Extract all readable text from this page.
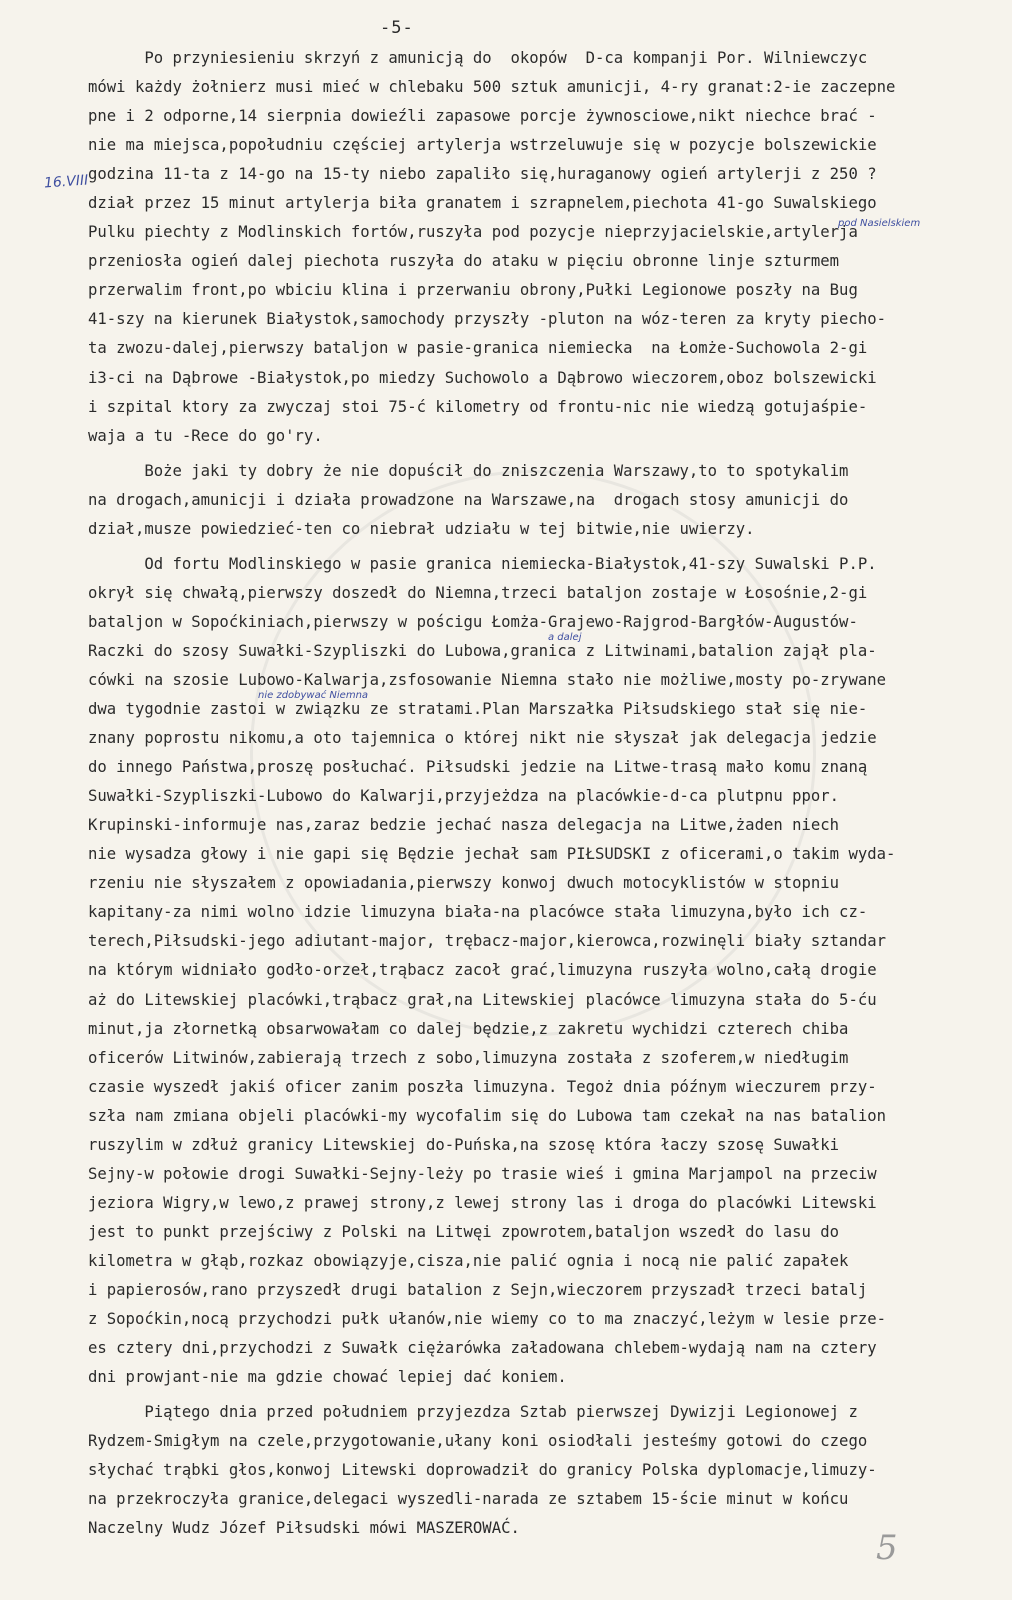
-5-
16.VIII
pod Nasielskiem
a dalej
nie zdobywać Niemna
Po przyniesieniu skrzyń z amunicją do  okopów  D-ca kompanji Por. Wilniewczyc
mówi każdy żołnierz musi mieć w chlebaku 500 sztuk amunicji, 4-ry granat:2-ie zaczepne
pne i 2 odporne,14 sierpnia dowieźli zapasowe porcje żywnosciowe,nikt niechce brać -
nie ma miejsca,popołudniu częściej artylerja wstrzeluwuje się w pozycje bolszewickie
godzina 11-ta z 14-go na 15-ty niebo zapaliło się,huraganowy ogień artylerji z 250 ?
dział przez 15 minut artylerja biła granatem i szrapnelem,piechota 41-go Suwalskiego
Pulku piechty z Modlinskich fortów,ruszyła pod pozycje nieprzyjacielskie,artylerja
przeniosła ogień dalej piechota ruszyła do ataku w pięciu obronne linje szturmem
przerwalim front,po wbiciu klina i przerwaniu obrony,Pułki Legionowe poszły na Bug
41-szy na kierunek Białystok,samochody przyszły -pluton na wóz-teren za kryty piecho-
ta zwozu-dalej,pierwszy bataljon w pasie-granica niemiecka  na Łomże-Suchowola 2-gi
i3-ci na Dąbrowe -Białystok,po miedzy Suchowolo a Dąbrowo wieczorem,oboz bolszewicki
i szpital ktory za zwyczaj stoi 75-ć kilometry od frontu-nic nie wiedzą gotujaśpie-
waja a tu -Rece do go'ry.
Boże jaki ty dobry że nie dopuścił do zniszczenia Warszawy,to to spotykalim
na drogach,amunicji i działa prowadzone na Warszawe,na  drogach stosy amunicji do
dział,musze powiedzieć-ten co niebrał udziału w tej bitwie,nie uwierzy.
Od fortu Modlinskiego w pasie granica niemiecka-Białystok,41-szy Suwalski P.P.
okrył się chwałą,pierwszy doszedł do Niemna,trzeci bataljon zostaje w Łosośnie,2-gi
bataljon w Sopoćkiniach,pierwszy w pościgu Łomża-Grajewo-Rajgrod-Bargłów-Augustów-
Raczki do szosy Suwałki-Szypliszki do Lubowa,granica z Litwinami,batalion zajął pla-
cówki na szosie Lubowo-Kalwarja,zsfosowanie Niemna stało nie możliwe,mosty po-zrywane
dwa tygodnie zastoi w związku ze stratami.Plan Marszałka Piłsudskiego stał się nie-
znany poprostu nikomu,a oto tajemnica o której nikt nie słyszał jak delegacja jedzie
do innego Państwa,proszę posłuchać. Piłsudski jedzie na Litwe-trasą mało komu znaną
Suwałki-Szypliszki-Lubowo do Kalwarji,przyjeżdza na placówkie-d-ca plutpnu ppor.
Krupinski-informuje nas,zaraz bedzie jechać nasza delegacja na Litwe,żaden niech
nie wysadza głowy i nie gapi się Będzie jechał sam PIŁSUDSKI z oficerami,o takim wyda-
rzeniu nie słyszałem z opowiadania,pierwszy konwoj dwuch motocyklistów w stopniu
kapitany-za nimi wolno idzie limuzyna biała-na placówce stała limuzyna,było ich cz-
terech,Piłsudski-jego adiutant-major, trębacz-major,kierowca,rozwinęli biały sztandar
na którym widniało godło-orzeł,trąbacz zacoł grać,limuzyna ruszyła wolno,całą drogie
aż do Litewskiej placówki,trąbacz grał,na Litewskiej placówce limuzyna stała do 5-ću
minut,ja złornetką obsarwowałam co dalej będzie,z zakretu wychidzi czterech chiba
oficerów Litwinów,zabierają trzech z sobo,limuzyna została z szoferem,w niedługim
czasie wyszedł jakiś oficer zanim poszła limuzyna. Tegoż dnia późnym wieczurem przy-
szła nam zmiana objeli placówki-my wycofalim się do Lubowa tam czekał na nas batalion
ruszylim w zdłuż granicy Litewskiej do-Puńska,na szosę która łaczy szosę Suwałki
Sejny-w połowie drogi Suwałki-Sejny-leży po trasie wieś i gmina Marjampol na przeciw
jeziora Wigry,w lewo,z prawej strony,z lewej strony las i droga do placówki Litewski
jest to punkt przejściwy z Polski na Litwęi zpowrotem,bataljon wszedł do lasu do
kilometra w głąb,rozkaz obowiązyje,cisza,nie palić ognia i nocą nie palić zapałek
i papierosów,rano przyszedł drugi batalion z Sejn,wieczorem przyszadł trzeci batalj
z Sopoćkin,nocą przychodzi pułk ułanów,nie wiemy co to ma znaczyć,leżym w lesie prze-
es cztery dni,przychodzi z Suwałk ciężarówka załadowana chlebem-wydają nam na cztery
dni prowjant-nie ma gdzie chować lepiej dać koniem.
Piątego dnia przed południem przyjezdza Sztab pierwszej Dywizji Legionowej z
Rydzem-Smigłym na czele,przygotowanie,ułany koni osiodłali jesteśmy gotowi do czego
słychać trąbki głos,konwoj Litewski doprowadził do granicy Polska dyplomacje,limuzy-
na przekroczyła granice,delegaci wyszedli-narada ze sztabem 15-ście minut w końcu
Naczelny Wudz Józef Piłsudski mówi MASZEROWAĆ.	5
